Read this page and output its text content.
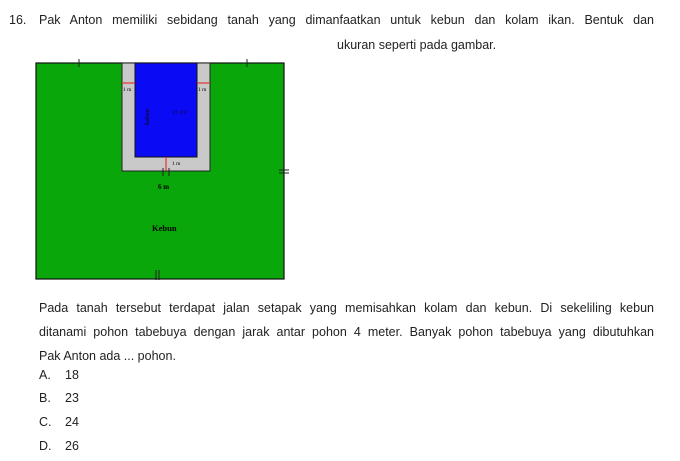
16. Pak Anton memiliki sebidang tanah yang dimanfaatkan untuk kebun dan kolam ikan. Bentuk dan
ukuran seperti pada gambar.
1 m	1 m
1 m
kolam	21 m²
6 m
Kebun
Pada tanah tersebut terdapat jalan setapak yang memisahkan kolam dan kebun. Di sekeliling kebun
ditanami pohon tabebuya dengan jarak antar pohon 4 meter. Banyak pohon tabebuya yang dibutuhkan
Pak Anton ada ... pohon.
A. 18
B. 23
C. 24
D. 26
